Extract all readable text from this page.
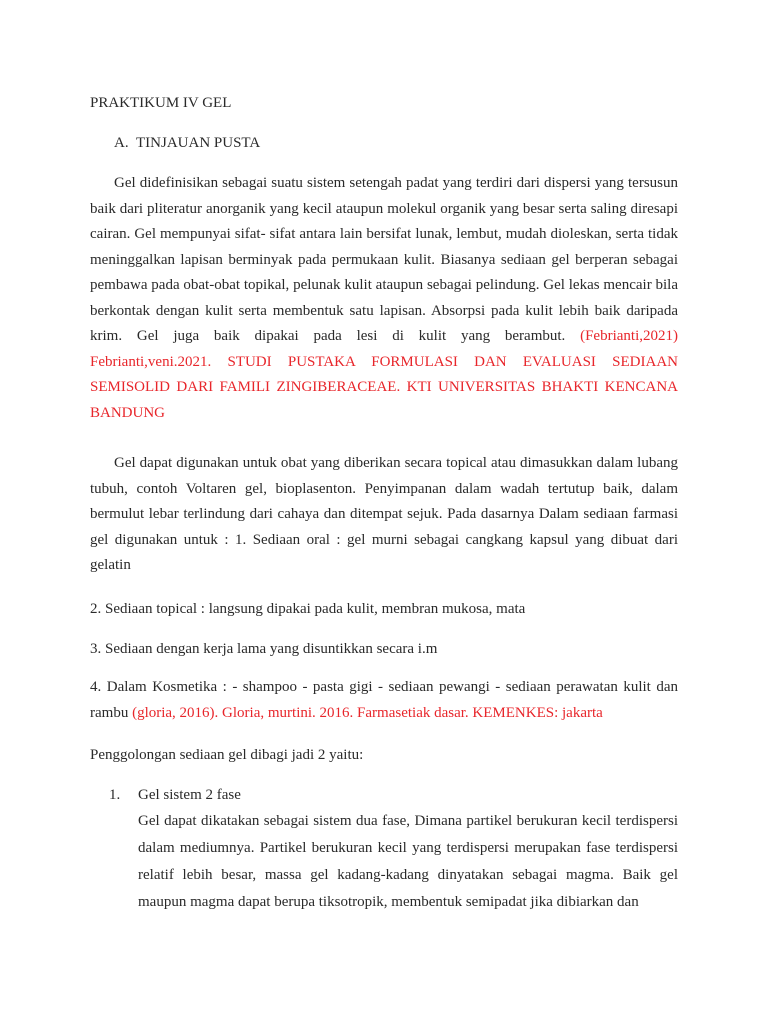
PRAKTIKUM IV GEL
A. TINJAUAN PUSTA

Gel didefinisikan sebagai suatu sistem setengah padat yang terdiri dari dispersi yang tersusun baik dari pliteratur anorganik yang kecil ataupun molekul organik yang besar serta saling diresapi cairan. Gel mempunyai sifat- sifat antara lain bersifat lunak, lembut, mudah dioleskan, serta tidak meninggalkan lapisan berminyak pada permukaan kulit. Biasanya sediaan gel berperan sebagai pembawa pada obat-obat topikal, pelunak kulit ataupun sebagai pelindung. Gel lekas mencair bila berkontak dengan kulit serta membentuk satu lapisan. Absorpsi pada kulit lebih baik daripada krim. Gel juga baik dipakai pada lesi di kulit yang berambut. (Febrianti,2021) Febrianti,veni.2021. STUDI PUSTAKA FORMULASI DAN EVALUASI SEDIAAN SEMISOLID DARI FAMILI ZINGIBERACEAE. KTI UNIVERSITAS BHAKTI KENCANA BANDUNG

Gel dapat digunakan untuk obat yang diberikan secara topical atau dimasukkan dalam lubang tubuh, contoh Voltaren gel, bioplasenton. Penyimpanan dalam wadah tertutup baik, dalam bermulut lebar terlindung dari cahaya dan ditempat sejuk. Pada dasarnya Dalam sediaan farmasi gel digunakan untuk : 1. Sediaan oral : gel murni sebagai cangkang kapsul yang dibuat dari gelatin

2. Sediaan topical : langsung dipakai pada kulit, membran mukosa, mata

3. Sediaan dengan kerja lama yang disuntikkan secara i.m

4. Dalam Kosmetika : - shampoo - pasta gigi - sediaan pewangi - sediaan perawatan kulit dan rambu (gloria, 2016). Gloria, murtini. 2016. Farmasetiak dasar. KEMENKES: jakarta

Penggolongan sediaan gel dibagi jadi 2 yaitu:

1. Gel sistem 2 fase

Gel dapat dikatakan sebagai sistem dua fase, Dimana partikel berukuran kecil terdispersi dalam mediumnya. Partikel berukuran kecil yang terdispersi merupakan fase terdispersi relatif lebih besar, massa gel kadang-kadang dinyatakan sebagai magma. Baik gel maupun magma dapat berupa tiksotropik, membentuk semipadat jika dibiarkan dan
